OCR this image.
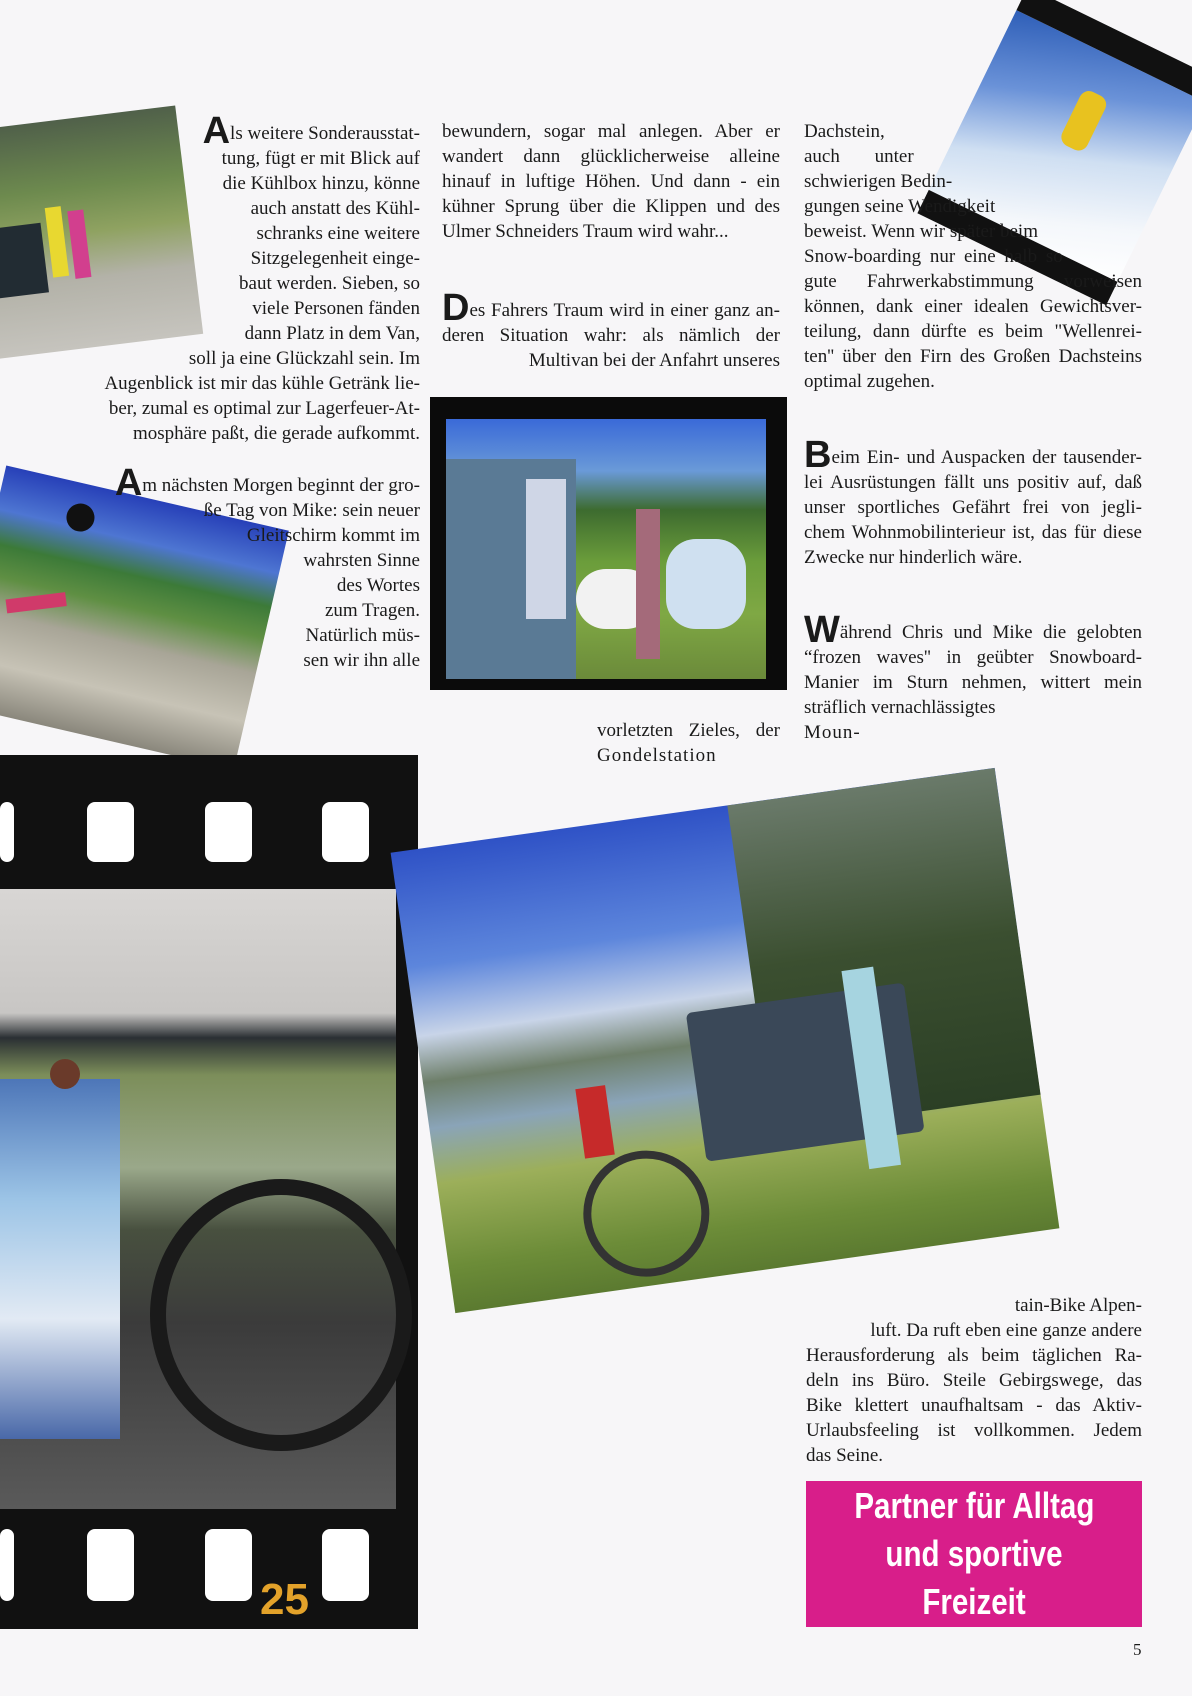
25
Als weitere Sonderausstat-
tung, fügt er mit Blick auf
die Kühlbox hinzu, könne
auch anstatt des Kühl-
schranks eine weitere
Sitzgelegenheit einge-
baut werden. Sieben, so
viele Personen fänden
dann Platz in dem Van,
soll ja eine Glückzahl sein. Im
Augenblick ist mir das kühle Getränk lie-
ber, zumal es optimal zur Lagerfeuer-At-
mosphäre paßt, die gerade aufkommt.
Am nächsten Morgen beginnt der gro-
ße Tag von Mike: sein neuer
Gleitschirm kommt im
wahrsten Sinne
des Wortes
zum Tragen.
Natürlich müs-
sen wir ihn alle
bewundern, sogar mal anlegen. Aber er
wandert dann glücklicherweise alleine
hinauf in luftige Höhen. Und dann - ein
kühner Sprung über die Klippen und des
Ulmer Schneiders Traum wird wahr...
Des Fahrers Traum wird in einer ganz an-
deren Situation wahr: als nämlich der
Multivan bei der Anfahrt unseres
vorletzten Zieles, der
Gondelstation
Dachstein,
auch unter
schwierigen Bedin-
gungen seine Wendigkeit
beweist. Wenn wir später beim
Snow-boarding nur eine halb so
gute Fahrwerkabstimmung vorweisen
können, dank einer idealen Gewichtsver-
teilung, dann dürfte es beim "Wellenrei-
ten'' über den Firn des Großen Dachsteins
optimal zugehen.
Beim Ein- und Auspacken der tausender-
lei Ausrüstungen fällt uns positiv auf, daß
unser sportliches Gefährt frei von jegli-
chem Wohnmobilinterieur ist, das für diese
Zwecke nur hinderlich wäre.
Während Chris und Mike die gelobten
“frozen waves'' in geübter Snowboard-
Manier im Sturn nehmen, wittert mein
sträflich vernachlässigtes
Moun-
tain-Bike Alpen-
luft. Da ruft eben eine ganze andere
Herausforderung als beim täglichen Ra-
deln ins Büro. Steile Gebirgswege, das
Bike klettert unaufhaltsam - das Aktiv-
Urlaubsfeeling ist vollkommen. Jedem
das Seine.
Partner für Alltag
und sportive Freizeit
5
